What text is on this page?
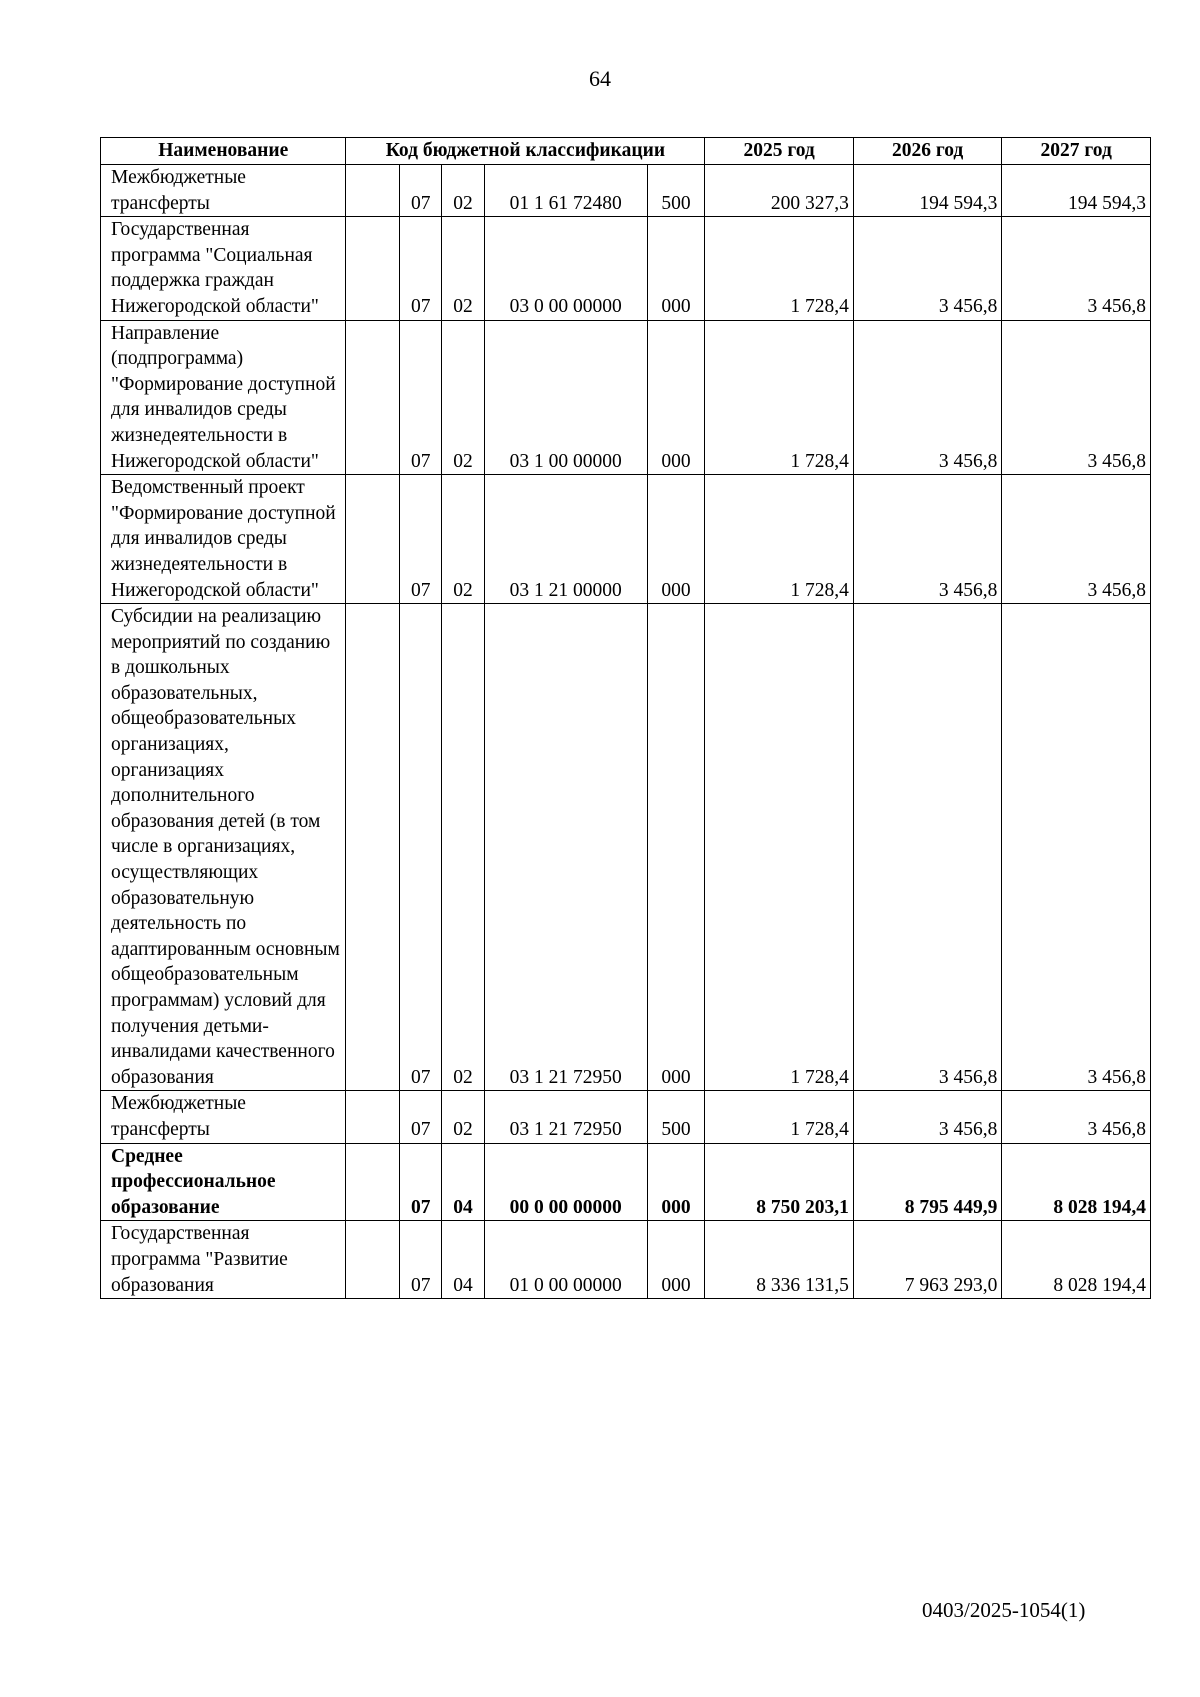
64
Наименование	Код бюджетной классификации					2025 год	2026 год	2027 год
Межбюджетные трансферты		07	02	01 1 61 72480	500	200 327,3	194 594,3	194 594,3
Государственная программа "Социальная поддержка граждан Нижегородской области"		07	02	03 0 00 00000	000	1 728,4	3 456,8	3 456,8
Направление (подпрограмма) "Формирование доступной для инвалидов среды жизнедеятельности в Нижегородской области"		07	02	03 1 00 00000	000	1 728,4	3 456,8	3 456,8
Ведомственный проект "Формирование доступной для инвалидов среды жизнедеятельности в Нижегородской области"		07	02	03 1 21 00000	000	1 728,4	3 456,8	3 456,8
Субсидии на реализацию мероприятий по созданию в дошкольных образовательных, общеобразовательных организациях, организациях дополнительного образования детей (в том числе в организациях, осуществляющих образовательную деятельность по адаптированным основным общеобразовательным программам) условий для получения детьми-инвалидами качественного образования		07	02	03 1 21 72950	000	1 728,4	3 456,8	3 456,8
Межбюджетные трансферты		07	02	03 1 21 72950	500	1 728,4	3 456,8	3 456,8
Среднее профессиональное образование		07	04	00 0 00 00000	000	8 750 203,1	8 795 449,9	8 028 194,4
Государственная программа "Развитие образования		07	04	01 0 00 00000	000	8 336 131,5	7 963 293,0	8 028 194,4
0403/2025-1054(1)
